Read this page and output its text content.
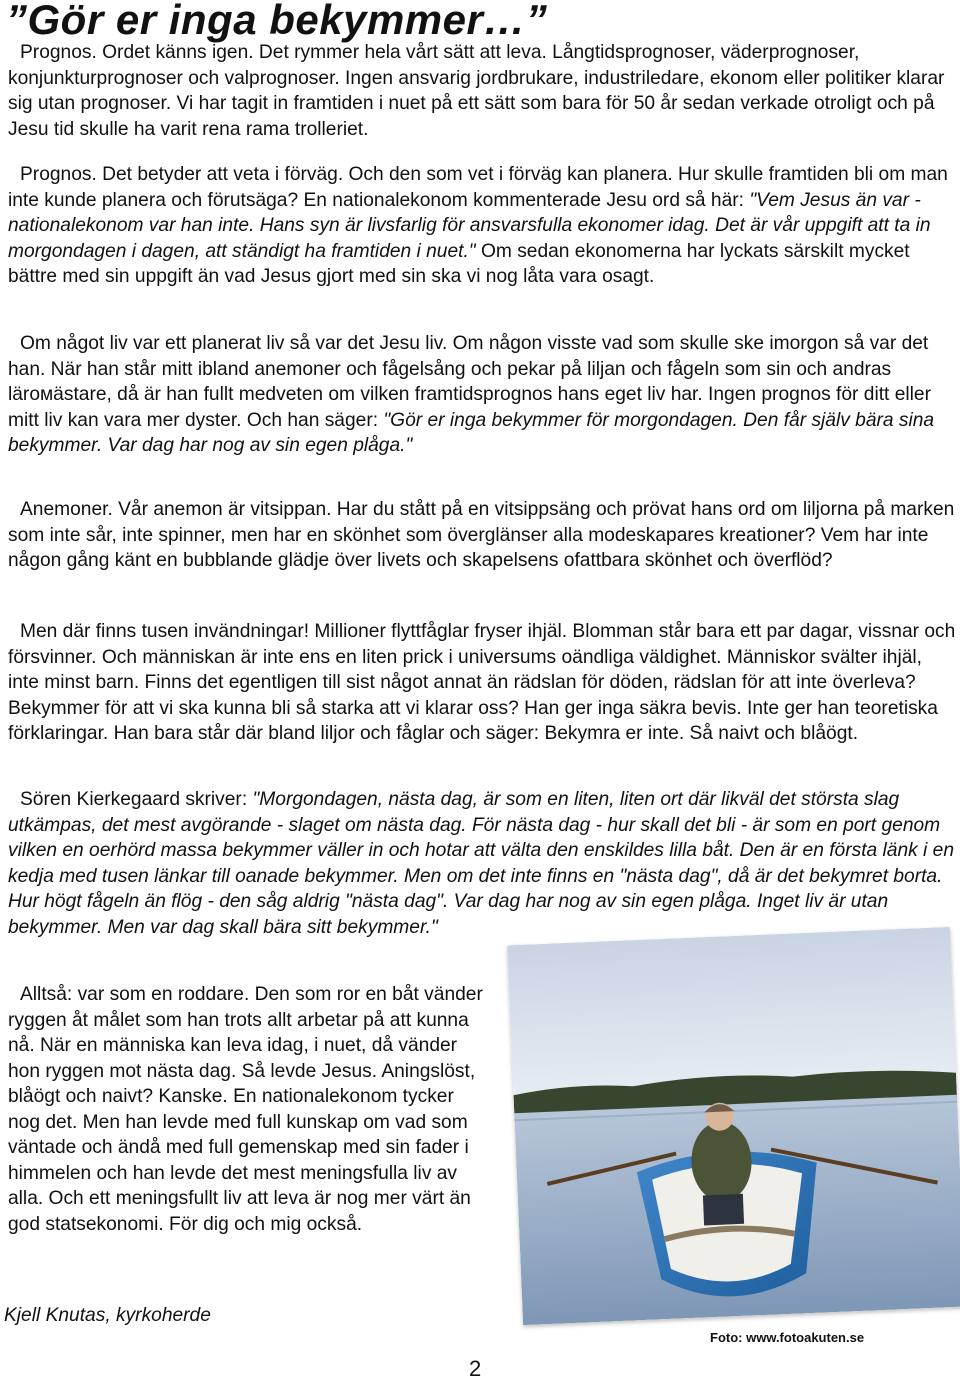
”Gör er inga bekymmer…”

Alltså: var som en roddare. Den som ror en båt vänder ryggen åt målet som han trots allt arbetar på att kunna nå. När en människa kan leva idag, i nuet, då vänder hon ryggen mot nästa dag. Så levde Jesus. Aningslöst, blåögt och naivt? Kanske. En nationalekonom tycker nog det. Men han levde med full kunskap om vad som väntade och ändå med full gemenskap med sin fader i himmelen och han levde det mest meningsfulla liv av alla. Och ett meningsfullt liv att leva är nog mer värt än god statsekonomi. För dig och mig också.

Kjell Knutas, kyrkoherde
Foto: www.fotoakuten.se
2

Prognos. Ordet känns igen. Det rymmer hela vårt sätt att leva. Långtidsprognoser, väderprognoser, konjunkturprognoser och valprognoser. Ingen ansvarig jordbrukare, industriledare, ekonom eller politiker klarar sig utan prognoser. Vi har tagit in framtiden i nuet på ett sätt som bara för 50 år sedan verkade otroligt och på Jesu tid skulle ha varit rena rama trolleriet.

Prognos. Det betyder att veta i förväg. Och den som vet i förväg kan planera. Hur skulle framtiden bli om man inte kunde planera och förutsäga? En nationalekonom kommenterade Jesu ord så här: "Vem Jesus än var - nationalekonom var han inte. Hans syn är livsfarlig för ansvarsfulla ekonomer idag. Det är vår uppgift att ta in morgondagen i dagen, att ständigt ha framtiden i nuet." Om sedan ekonomerna har lyckats särskilt mycket bättre med sin uppgift än vad Jesus gjort med sin ska vi nog låta vara osagt.

Om något liv var ett planerat liv så var det Jesu liv. Om någon visste vad som skulle ske imorgon så var det han. När han står mitt ibland anemoner och fågelsång och pekar på liljan och fågeln som sin och andras lärомästare, då är han fullt medveten om vilken framtidsprognos hans eget liv har. Ingen prognos för ditt eller mitt liv kan vara mer dyster. Och han säger: "Gör er inga bekymmer för morgondagen. Den får själv bära sina bekymmer. Var dag har nog av sin egen plåga."

Anemoner. Vår anemon är vitsippan. Har du stått på en vitsippsäng och prövat hans ord om liljorna på marken som inte sår, inte spinner, men har en skönhet som överglänser alla modeskapares kreationer? Vem har inte någon gång känt en bubblande glädje över livets och skapelsens ofattbara skönhet och överflöd?

Men där finns tusen invändningar! Millioner flyttfåglar fryser ihjäl. Blomman står bara ett par dagar, vissnar och försvinner. Och människan är inte ens en liten prick i universums oändliga väldighet. Människor svälter ihjäl, inte minst barn. Finns det egentligen till sist något annat än rädslan för döden, rädslan för att inte överleva? Bekymmer för att vi ska kunna bli så starka att vi klarar oss? Han ger inga säkra bevis. Inte ger han teoretiska förklaringar. Han bara står där bland liljor och fåglar och säger: Bekymra er inte. Så naivt och blåögt.

Sören Kierkegaard skriver: "Morgondagen, nästa dag, är som en liten, liten ort där likväl det största slag utkämpas, det mest avgörande - slaget om nästa dag. För nästa dag - hur skall det bli - är som en port genom vilken en oerhörd massa bekymmer väller in och hotar att välta den enskildes lilla båt. Den är en första länk i en kedja med tusen länkar till oanade bekymmer. Men om det inte finns en "nästa dag", då är det bekymret borta. Hur högt fågeln än flög - den såg aldrig "nästa dag". Var dag har nog av sin egen plåga. Inget liv är utan bekymmer. Men var dag skall bära sitt bekymmer."
